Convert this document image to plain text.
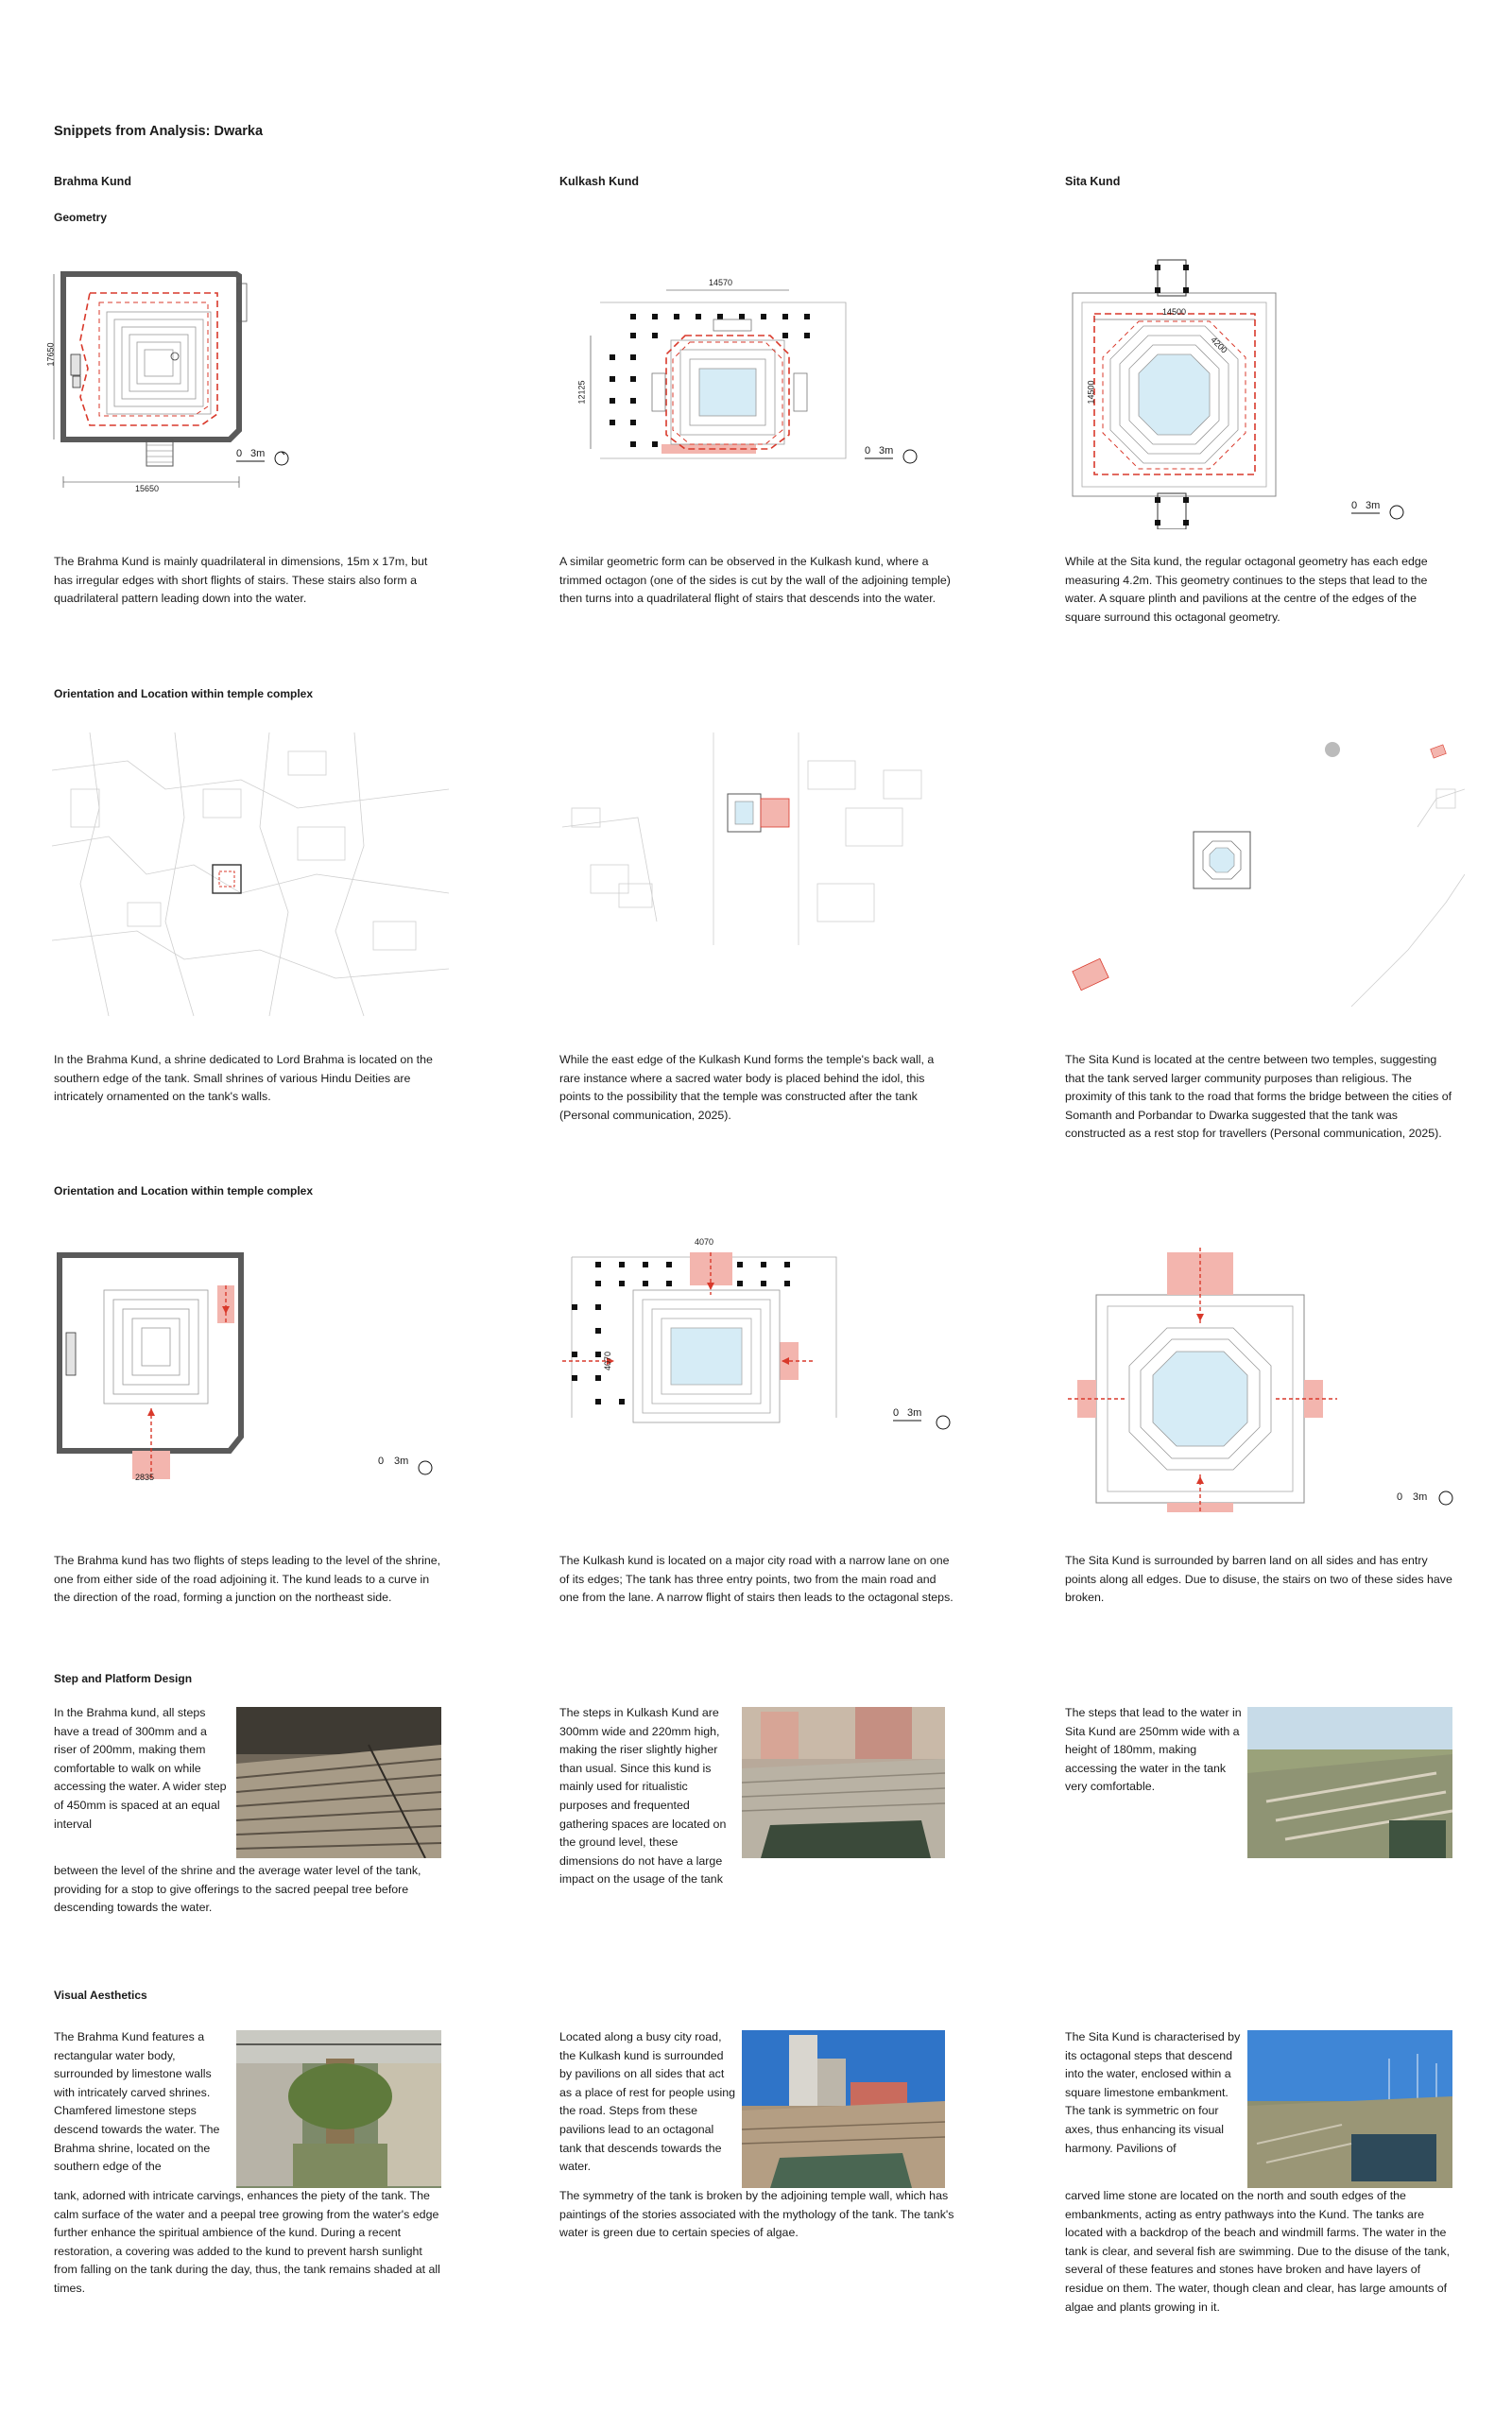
Snippets from Analysis: Dwarka
Brahma Kund	Kulkash Kund	Sita Kund
Geometry
15650
17650
0 3m
14570
12125
0 3m
14500
14500
4200
0 3m

The Brahma Kund is mainly quadrilateral in dimensions, 15m x 17m, but has irregular edges with short flights of stairs. These stairs also form a quadrilateral pattern leading down into the water.

A similar geometric form can be observed in the Kulkash kund, where a trimmed octagon (one of the sides is cut by the wall of the adjoining temple) then turns into a quadrilateral flight of stairs that descends into the water.

While at the Sita kund, the regular octagonal geometry has each edge measuring 4.2m. This geometry continues to the steps that lead to the water. A square plinth and pavilions at the centre of the edges of the square surround this octagonal geometry.

Orientation and Location within temple complex

In the Brahma Kund, a shrine dedicated to Lord Brahma is located on the southern edge of the tank. Small shrines of various Hindu Deities are intricately ornamented on the tank's walls.

While the east edge of the Kulkash Kund forms the temple's back wall, a rare instance where a sacred water body is placed behind the idol, this points to the possibility that the temple was constructed after the tank (Personal communication, 2025).

The Sita Kund is located at the centre between two temples, suggesting that the tank served larger community purposes than religious. The proximity of this tank to the road that forms the bridge between the cities of Somanth and Porbandar to Dwarka suggested that the tank was constructed as a rest stop for travellers (Personal communication, 2025).

Orientation and Location within temple complex
2835
0 3m
4070
4070
0 3m
0 3m

The Brahma kund has two flights of steps leading to the level of the shrine, one from either side of the road adjoining it. The kund leads to a curve in the direction of the road, forming a junction on the northeast side.

The Kulkash kund is located on a major city road with a narrow lane on one of its edges; The tank has three entry points, two from the main road and one from the lane. A narrow flight of stairs then leads to the octagonal steps.

The Sita Kund is surrounded by barren land on all sides and has entry points along all edges. Due to disuse, the stairs on two of these sides have broken.

Step and Platform Design

In the Brahma kund, all steps have a tread of 300mm and a riser of 200mm, making them comfortable to walk on while accessing the water. A wider step of 450mm is spaced at an equal interval

between the level of the shrine and the average water level of the tank, providing for a stop to give offerings to the sacred peepal tree before descending towards the water.

The steps in Kulkash Kund are 300mm wide and 220mm high, making the riser slightly higher than usual. Since this kund is mainly used for ritualistic purposes and frequented gathering spaces are located on the ground level, these dimensions do not have a large impact on the usage of the tank

The steps that lead to the water in Sita Kund are 250mm wide with a height of 180mm, making accessing the water in the tank very comfortable.

Visual Aesthetics

The Brahma Kund features a rectangular water body, surrounded by limestone walls with intricately carved shrines. Chamfered limestone steps descend towards the water. The Brahma shrine, located on the southern edge of the

tank, adorned with intricate carvings, enhances the piety of the tank. The calm surface of the water and a peepal tree growing from the water's edge further enhance the spiritual ambience of the kund. During a recent restoration, a covering was added to the kund to prevent harsh sunlight from falling on the tank during the day, thus, the tank remains shaded at all times.

Located along a busy city road, the Kulkash kund is surrounded by pavilions on all sides that act as a place of rest for people using the road. Steps from these pavilions lead to an octagonal tank that descends towards the water.

The symmetry of the tank is broken by the adjoining temple wall, which has paintings of the stories associated with the mythology of the tank. The tank's water is green due to certain species of algae.

The Sita Kund is characterised by its octagonal steps that descend into the water, enclosed within a square limestone embankment. The tank is symmetric on four axes, thus enhancing its visual harmony. Pavilions of

carved lime stone are located on the north and south edges of the embankments, acting as entry pathways into the Kund. The tanks are located with a backdrop of the beach and windmill farms. The water in the tank is clear, and several fish are swimming. Due to the disuse of the tank, several of these features and stones have broken and have layers of residue on them. The water, though clean and clear, has large amounts of algae and plants growing in it.
